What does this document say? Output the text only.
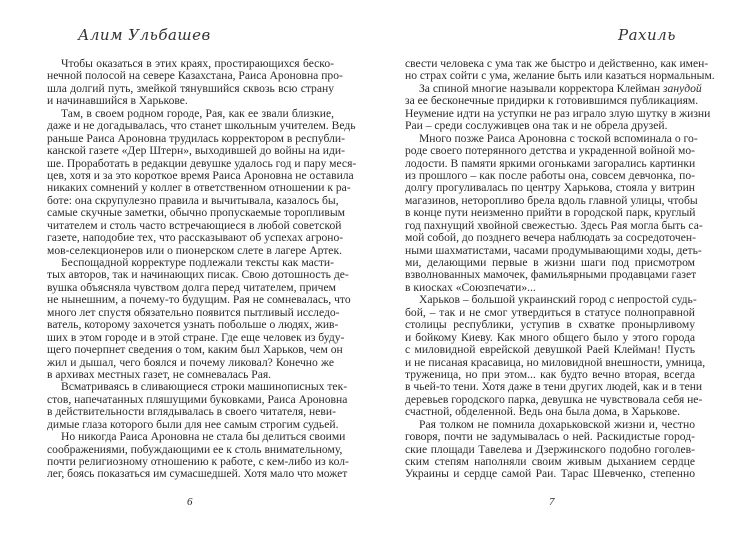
Алим Ульбашев
Чтобы оказаться в этих краях, простирающихся беско-
нечной полосой на севере Казахстана, Раиса Ароновна про-
шла долгий путь, змейкой тянувшийся сквозь всю страну
и начинавшийся в Харькове.
Там, в своем родном городе, Рая, как ее звали близкие,
даже и не догадывалась, что станет школьным учителем. Ведь
раньше Раиса Ароновна трудилась корректором в республи-
канской газете «Дер Штерн», выходившей до войны на иди-
ше. Проработать в редакции девушке удалось год и пару меся-
цев, хотя и за это короткое время Раиса Ароновна не оставила
никаких сомнений у коллег в ответственном отношении к ра-
боте: она скрупулезно правила и вычитывала, казалось бы,
самые скучные заметки, обычно пропускаемые торопливым
читателем и столь часто встречающиеся в любой советской
газете, наподобие тех, что рассказывают об успехах агроно-
мов-селекционеров или о пионерском слете в лагере Артек.
Беспощадной корректуре подлежали тексты как масти-
тых авторов, так и начинающих писак. Свою дотошность де-
вушка объясняла чувством долга перед читателем, причем
не нынешним, а почему-то будущим. Рая не сомневалась, что
много лет спустя обязательно появится пытливый исследо-
ватель, которому захочется узнать побольше о людях, жив-
ших в этом городе и в этой стране. Где еще человек из буду-
щего почерпнет сведения о том, каким был Харьков, чем он
жил и дышал, чего боялся и почему ликовал? Конечно же
в архивах местных газет, не сомневалась Рая.
Всматриваясь в сливающиеся строки машинописных тек-
стов, напечатанных пляшущими буковками, Раиса Ароновна
в действительности вглядывалась в своего читателя, неви-
димые глаза которого были для нее самым строгим судьей.
Но никогда Раиса Ароновна не стала бы делиться своими
соображениями, побуждающими ее к столь внимательному,
почти религиозному отношению к работе, с кем-либо из кол-
лег, боясь показаться им сумасшедшей. Хотя мало что может
6
Рахиль
свести человека с ума так же быстро и действенно, как имен-
но страх сойти с ума, желание быть или казаться нормальным.
За спиной многие называли корректора Клейман занудой
за ее бесконечные придирки к готовившимся публикациям.
Неумение идти на уступки не раз играло злую шутку в жизни
Раи – среди сослуживцев она так и не обрела друзей.
Много позже Раиса Ароновна с тоской вспоминала о го-
роде своего потерянного детства и украденной войной мо-
лодости. В памяти яркими огоньками загорались картинки
из прошлого – как после работы она, совсем девчонка, по-
долгу прогуливалась по центру Харькова, стояла у витрин
магазинов, неторопливо брела вдоль главной улицы, чтобы
в конце пути неизменно прийти в городской парк, круглый
год пахнущий хвойной свежестью. Здесь Рая могла быть са-
мой собой, до позднего вечера наблюдать за сосредоточен-
ными шахматистами, часами продумывающими ходы, деть-
ми, делающими первые в жизни шаги под присмотром
взволнованных мамочек, фамильярными продавцами газет
в киосках «Союзпечати»...
Харьков – большой украинский город с непростой судь-
бой, – так и не смог утвердиться в статусе полноправной
столицы республики, уступив в схватке пронырливому
и бойкому Киеву. Как много общего было у этого города
с миловидной еврейской девушкой Раей Клейман! Пусть
и не писаная красавица, но миловидной внешности, умница,
труженица, но при этом... как будто вечно вторая, всегда
в чьей-то тени. Хотя даже в тени других людей, как и в тени
деревьев городского парка, девушка не чувствовала себя не-
счастной, обделенной. Ведь она была дома, в Харькове.
Рая толком не помнила дохарьковской жизни и, честно
говоря, почти не задумывалась о ней. Раскидистые город-
ские площади Тавелева и Дзержинского подобно гоголев-
ским степям наполняли своим живым дыханием сердце
Украины и сердце самой Раи. Тарас Шевченко, степенно
7
